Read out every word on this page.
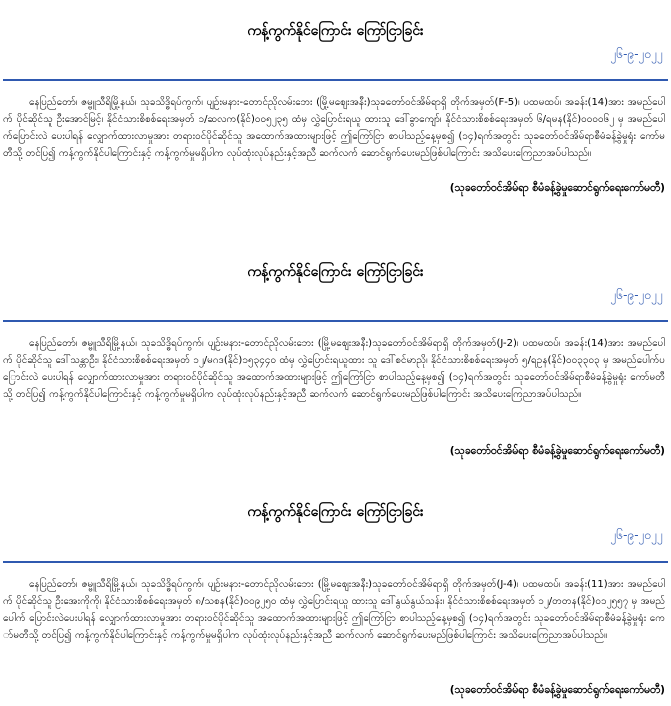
ကန့်ကွက်နိုင်ကြောင်း ကြော်ငြာခြင်း
၂၆-၉-၂၀၂၂

နေပြည်တော်၊ ဇမ္ဗူသီရိမြို့နယ်၊ သုခသိဒ္ဓိရပ်ကွက်၊ ပျဉ်းမနား-တောင်ညိုလမ်းဘေး (မြို့မဈေးအနီး)သုခတော်ဝင်အိမ်ရာရှိ တိုက်အမှတ်(F-5)၊ ပထမထပ်၊ အခန်း(14)အား အမည်ပေါက် ပိုင်ဆိုင်သူ ဦးအောင်မြင့်၊ နိုင်ငံသားစိစစ်ရေးအမှတ် ၁/ဆလက(နိုင်)၀၀၅၂၃၅ ထံမှ လွှဲပြောင်းရယူ ထားသူ ဒေါ်ခွာကျော်၊ နိုင်ငံသားစိစစ်ရေးအမှတ် ၆/ရမန(နိုင်)၀၀၀၀၆၂ မှ အမည်ပေါက်ပြောင်းလဲ ပေးပါရန် လျှောက်ထားလာမှုအား တရားဝင်ပိုင်ဆိုင်သူ အထောက်အထားများဖြင့် ဤကြော်ငြာ စာပါသည့်နေ့မှစ၍ (၁၄)ရက်အတွင်း သုခတော်ဝင်အိမ်ရာစီမံခန့်ခွဲမှုရုံး ကော်မတီသို့ တင်ပြ၍ ကန့်ကွက်နိုင်ပါကြောင်းနှင့် ကန့်ကွက်မှုမရှိပါက လုပ်ထုံးလုပ်နည်းနှင့်အညီ ဆက်လက် ဆောင်ရွက်ပေးမည်ဖြစ်ပါကြောင်း အသိပေးကြေညာအပ်ပါသည်။

(သုခတော်ဝင်အိမ်ရာ စီမံခန့်ခွဲမှုဆောင်ရွက်ရေးကော်မတီ)
ကန့်ကွက်နိုင်ကြောင်း ကြော်ငြာခြင်း
၂၆-၉-၂၀၂၂

နေပြည်တော်၊ ဇမ္ဗူသီရိမြို့နယ်၊ သုခသိဒ္ဓိရပ်ကွက်၊ ပျဉ်းမနား-တောင်ညိုလမ်းဘေး (မြို့မဈေးအနီး)သုခတော်ဝင်အိမ်ရာရှိ တိုက်အမှတ်(J-2)၊ ပထမထပ်၊ အခန်း(14)အား အမည်ပေါက် ပိုင်ဆိုင်သူ ဒေါ်သန္တာဦး၊ နိုင်ငံသားစိစစ်ရေးအမှတ် ၁၂/မဂဒ(နိုင်)၁၅၃၄၄၀ ထံမှ လွှဲပြောင်းရယူထား သူ ဒေါ်စင်မာညို၊ နိုင်ငံသားစိစစ်ရေးအမှတ် ၅/ရဥန(နိုင်)၀၀၃၃၀၃ မှ အမည်ပေါက်ပြောင်းလဲ ပေးပါရန် လျှောက်ထားလာမှုအား တရားဝင်ပိုင်ဆိုင်သူ အထောက်အထားများဖြင့် ဤကြော်ငြာ စာပါသည့်နေ့မှစ၍ (၁၄)ရက်အတွင်း သုခတော်ဝင်အိမ်ရာစီမံခန့်ခွဲမှုရုံး ကော်မတီသို့ တင်ပြ၍ ကန့်ကွက်နိုင်ပါကြောင်းနှင့် ကန့်ကွက်မှုမရှိပါက လုပ်ထုံးလုပ်နည်းနှင့်အညီ ဆက်လက် ဆောင်ရွက်ပေးမည်ဖြစ်ပါကြောင်း အသိပေးကြေညာအပ်ပါသည်။

(သုခတော်ဝင်အိမ်ရာ စီမံခန့်ခွဲမှုဆောင်ရွက်ရေးကော်မတီ)
ကန့်ကွက်နိုင်ကြောင်း ကြော်ငြာခြင်း
၂၆-၉-၂၀၂၂

နေပြည်တော်၊ ဇမ္ဗူသီရိမြို့နယ်၊ သုခသိဒ္ဓိရပ်ကွက်၊ ပျဉ်းမနား-တောင်ညိုလမ်းဘေး (မြို့မဈေးအနီး)သုခတော်ဝင်အိမ်ရာရှိ တိုက်အမှတ်(J-4)၊ ပထမထပ်၊ အခန်း(11)အား အမည်ပေါက် ပိုင်ဆိုင်သူ ဦးအေးကိုကို၊ နိုင်ငံသားစိစစ်ရေးအမှတ် ၈/သစန(နိုင်)၀၀၉၂၅၀ ထံမှ လွှဲပြောင်းရယူ ထားသူ ဒေါ်နွယ်နွယ်သန်း၊ နိုင်ငံသားစိစစ်ရေးအမှတ် ၁၂/တတန(နိုင်)၀၁၂၅၅၇ မှ အမည်ပေါက် ပြောင်းလဲပေးပါရန် လျှောက်ထားလာမှုအား တရားဝင်ပိုင်ဆိုင်သူ အထောက်အထားများဖြင့် ဤကြော်ငြာ စာပါသည့်နေ့မှစ၍ (၁၄)ရက်အတွင်း သုခတော်ဝင်အိမ်ရာစီမံခန့်ခွဲမှုရုံး ကော်မတီသို့ တင်ပြ၍ ကန့်ကွက်နိုင်ပါကြောင်းနှင့် ကန့်ကွက်မှုမရှိပါက လုပ်ထုံးလုပ်နည်းနှင့်အညီ ဆက်လက် ဆောင်ရွက်ပေးမည်ဖြစ်ပါကြောင်း အသိပေးကြေညာအပ်ပါသည်။

(သုခတော်ဝင်အိမ်ရာ စီမံခန့်ခွဲမှုဆောင်ရွက်ရေးကော်မတီ)
